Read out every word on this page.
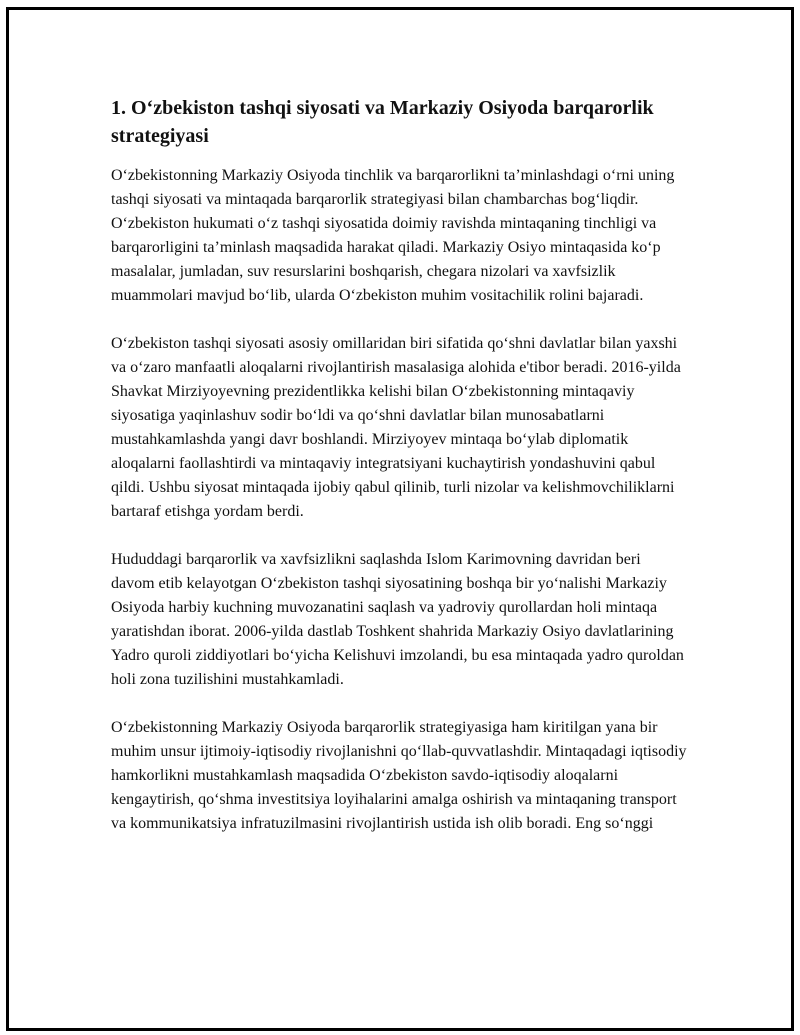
1. O‘zbekiston tashqi siyosati va Markaziy Osiyoda barqarorlik strategiyasi

O‘zbekistonning Markaziy Osiyoda tinchlik va barqarorlikni ta’minlashdagi o‘rni uning tashqi siyosati va mintaqada barqarorlik strategiyasi bilan chambarchas bog‘liqdir. O‘zbekiston hukumati o‘z tashqi siyosatida doimiy ravishda mintaqaning tinchligi va barqarorligini ta’minlash maqsadida harakat qiladi. Markaziy Osiyo mintaqasida ko‘p masalalar, jumladan, suv resurslarini boshqarish, chegara nizolari va xavfsizlik muammolari mavjud bo‘lib, ularda O‘zbekiston muhim vositachilik rolini bajaradi.

O‘zbekiston tashqi siyosati asosiy omillaridan biri sifatida qo‘shni davlatlar bilan yaxshi va o‘zaro manfaatli aloqalarni rivojlantirish masalasiga alohida e'tibor beradi. 2016-yilda Shavkat Mirziyoyevning prezidentlikka kelishi bilan O‘zbekistonning mintaqaviy siyosatiga yaqinlashuv sodir bo‘ldi va qo‘shni davlatlar bilan munosabatlarni mustahkamlashda yangi davr boshlandi. Mirziyoyev mintaqa bo‘ylab diplomatik aloqalarni faollashtirdi va mintaqaviy integratsiyani kuchaytirish yondashuvini qabul qildi. Ushbu siyosat mintaqada ijobiy qabul qilinib, turli nizolar va kelishmovchiliklarni bartaraf etishga yordam berdi.

Hududdagi barqarorlik va xavfsizlikni saqlashda Islom Karimovning davridan beri davom etib kelayotgan O‘zbekiston tashqi siyosatining boshqa bir yo‘nalishi Markaziy Osiyoda harbiy kuchning muvozanatini saqlash va yadroviy qurollardan holi mintaqa yaratishdan iborat. 2006-yilda dastlab Toshkent shahrida Markaziy Osiyo davlatlarining Yadro quroli ziddiyotlari bo‘yicha Kelishuvi imzolandi, bu esa mintaqada yadro quroldan holi zona tuzilishini mustahkamladi.

O‘zbekistonning Markaziy Osiyoda barqarorlik strategiyasiga ham kiritilgan yana bir muhim unsur ijtimoiy-iqtisodiy rivojlanishni qo‘llab-quvvatlashdir. Mintaqadagi iqtisodiy hamkorlikni mustahkamlash maqsadida O‘zbekiston savdo-iqtisodiy aloqalarni kengaytirish, qo‘shma investitsiya loyihalarini amalga oshirish va mintaqaning transport va kommunikatsiya infratuzilmasini rivojlantirish ustida ish olib boradi. Eng so‘nggi
